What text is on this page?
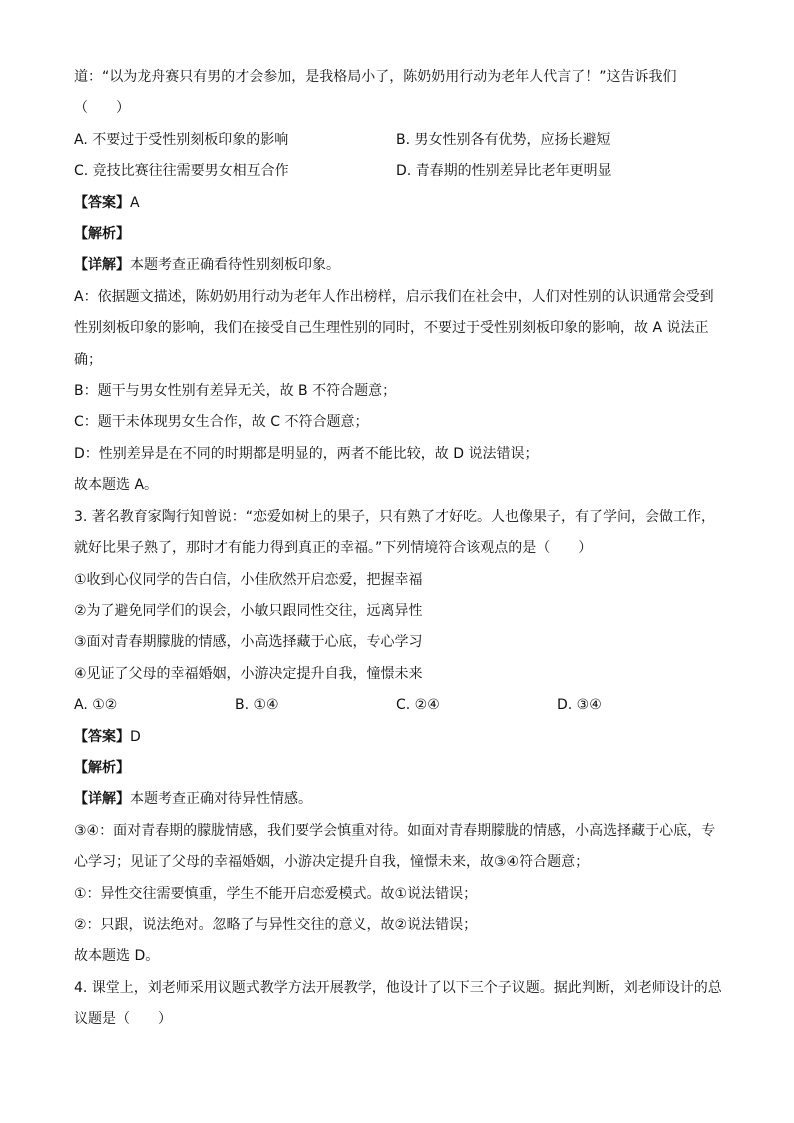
道：“以为龙舟赛只有男的才会参加，是我格局小了，陈奶奶用行动为老年人代言了！”这告诉我们
（　　）
A. 不要过于受性别刻板印象的影响	B. 男女性别各有优势，应扬长避短
C. 竞技比赛往往需要男女相互合作	D. 青春期的性别差异比老年更明显
【答案】A
【解析】
【详解】本题考查正确看待性别刻板印象。
A：依据题文描述，陈奶奶用行动为老年人作出榜样，启示我们在社会中，人们对性别的认识通常会受到
性别刻板印象的影响，我们在接受自己生理性别的同时，不要过于受性别刻板印象的影响，故 A 说法正
确；
B：题干与男女性别有差异无关，故 B 不符合题意；
C：题干未体现男女生合作，故 C 不符合题意；
D：性别差异是在不同的时期都是明显的，两者不能比较，故 D 说法错误；
故本题选 A。
3. 著名教育家陶行知曾说：“恋爱如树上的果子，只有熟了才好吃。人也像果子，有了学问，会做工作，
就好比果子熟了，那时才有能力得到真正的幸福。”下列情境符合该观点的是（　　）
①收到心仪同学的告白信，小佳欣然开启恋爱，把握幸福
②为了避免同学们的误会，小敏只跟同性交往，远离异性
③面对青春期朦胧的情感，小高选择藏于心底，专心学习
④见证了父母的幸福婚姻，小游决定提升自我，憧憬未来
A. ①②	B. ①④	C. ②④	D. ③④
【答案】D
【解析】
【详解】本题考查正确对待异性情感。
③④：面对青春期的朦胧情感，我们要学会慎重对待。如面对青春期朦胧的情感，小高选择藏于心底，专
心学习；见证了父母的幸福婚姻，小游决定提升自我，憧憬未来，故③④符合题意；
①：异性交往需要慎重，学生不能开启恋爱模式。故①说法错误；
②：只跟，说法绝对。忽略了与异性交往的意义，故②说法错误；
故本题选 D。
4. 课堂上，刘老师采用议题式教学方法开展教学，他设计了以下三个子议题。据此判断，刘老师设计的总
议题是（　　）
